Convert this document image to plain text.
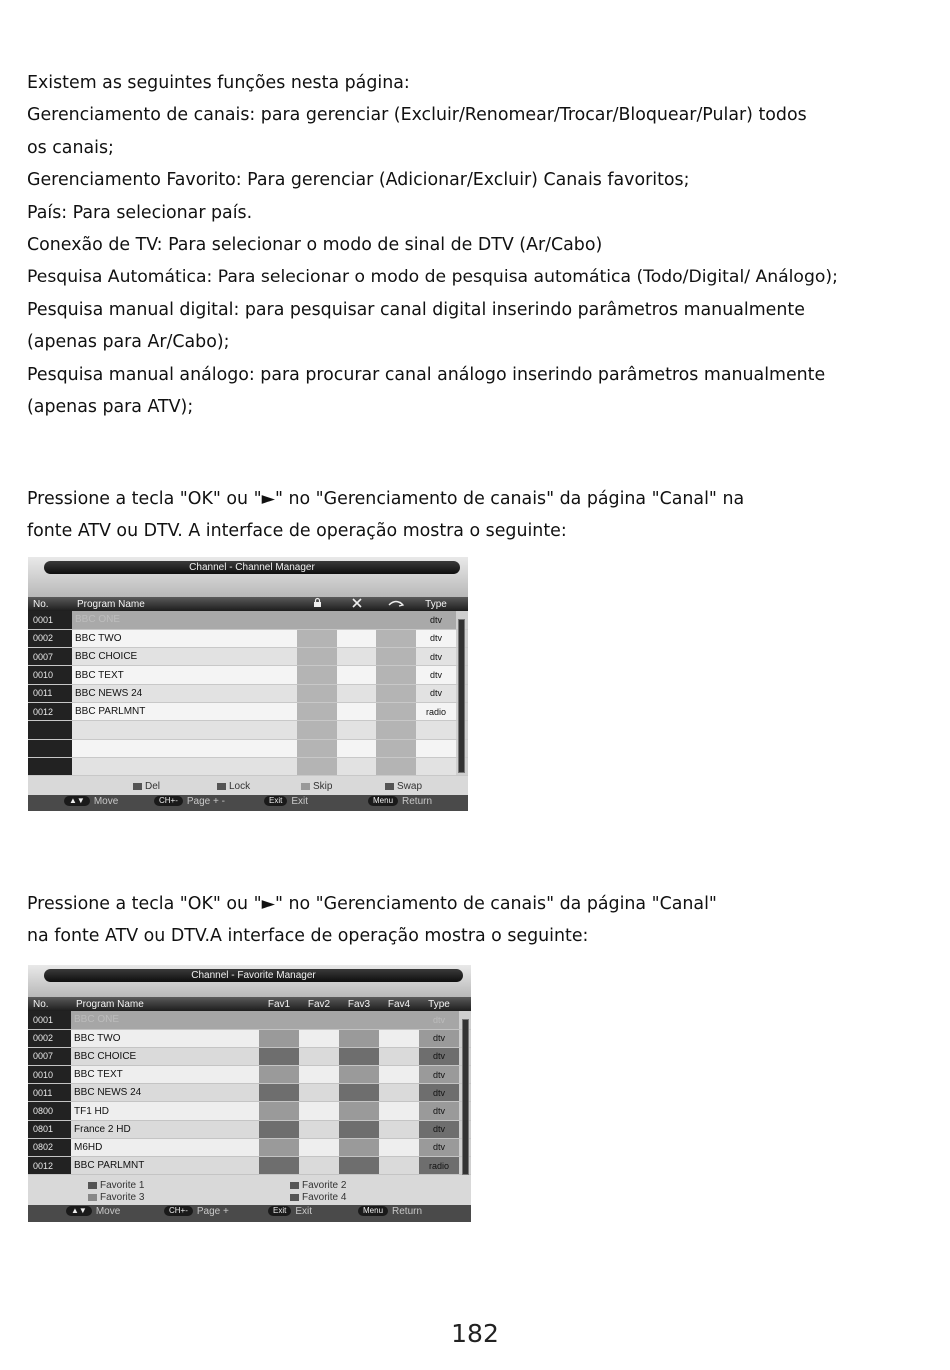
Existem as seguintes funções nesta página:
Gerenciamento de canais: para gerenciar (Excluir/Renomear/Trocar/Bloquear/Pular) todos
os canais;
Gerenciamento Favorito: Para gerenciar (Adicionar/Excluir) Canais favoritos;
País: Para selecionar país.
Conexão de TV: Para selecionar o modo de sinal de DTV (Ar/Cabo)
Pesquisa Automática: Para selecionar o modo de pesquisa automática (Todo/Digital/ Análogo);
Pesquisa manual digital: para pesquisar canal digital inserindo parâmetros manualmente
(apenas para Ar/Cabo);
Pesquisa manual análogo: para procurar canal análogo inserindo parâmetros manualmente
(apenas para ATV);
Pressione a tecla "OK" ou "►" no "Gerenciamento de canais" da página "Canal" na
fonte ATV ou DTV. A interface de operação mostra o seguinte:
Channel - Channel Manager
No.	Program Name				Type	
0001	BBC ONE				dtv	
0002	BBC TWO				dtv	
0007	BBC CHOICE				dtv	
0010	BBC TEXT				dtv	
0011	BBC NEWS 24				dtv	
0012	BBC PARLMNT				radio	

Del	Lock	Skip	Swap
▲▼ Move	CH+- Page + -	Exit Exit	Menu Return
Pressione a tecla "OK" ou "►" no "Gerenciamento de canais" da página "Canal"
na fonte ATV ou DTV.A interface de operação mostra o seguinte:
Channel - Favorite Manager
No.	Program Name	Fav1	Fav2	Fav3	Fav4	Type	
0001	BBC ONE					dtv	
0002	BBC TWO					dtv	
0007	BBC CHOICE					dtv	
0010	BBC TEXT					dtv	
0011	BBC NEWS 24					dtv	
0800	TF1 HD					dtv	
0801	France 2 HD					dtv	
0802	M6HD					dtv	
0012	BBC PARLMNT					radio	
Favorite 1	Favorite 2
Favorite 3	Favorite 4
▲▼ Move	CH+- Page +	Exit Exit	Menu Return
182
